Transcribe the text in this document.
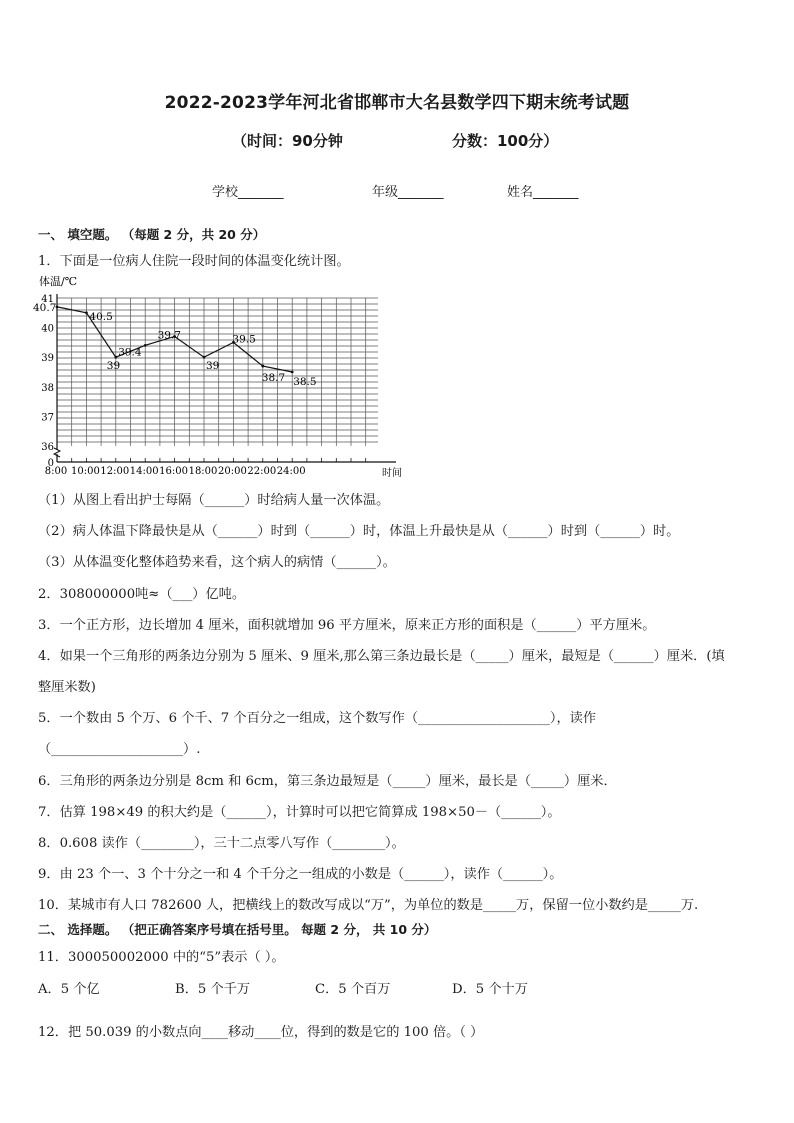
2022-2023学年河北省邯郸市大名县数学四下期末统考试题
（时间：90分钟	分数：100分）
学校_______	年级_______	姓名_______
一、 填空题。 （每题 2 分，共 20 分）
1．下面是一位病人住院一段时间的体温变化统计图。
体温/℃
时间
41
40
39
38
37
36
0
8:00 10:00 12:00 14:00 16:00 18:00 20:00 22:00 24:00
40.7
40.5
39
39.4
39.7
39
39.5
38.7 38.5
（1）从图上看出护士每隔（______）时给病人量一次体温。
（2）病人体温下降最快是从（______）时到（______）时，体温上升最快是从（______）时到（______）时。
（3）从体温变化整体趋势来看，这个病人的病情（______）。
2．308000000吨≈（___）亿吨。
3．一个正方形，边长增加 4 厘米，面积就增加 96 平方厘米，原来正方形的面积是（______）平方厘米。
4．如果一个三角形的两条边分别为 5 厘米、9 厘米,那么第三条边最长是（_____）厘米，最短是（______）厘米．(填
整厘米数)
5．一个数由 5 个万、6 个千、7 个百分之一组成，这个数写作（____________________），读作
（____________________）.
6．三角形的两条边分别是 8cm 和 6cm，第三条边最短是（_____）厘米，最长是（_____）厘米．
7．估算 198×49 的积大约是（______），计算时可以把它简算成 198×50－（______）。
8．0.608 读作（________），三十二点零八写作（________）。
9．由 23 个一、3 个十分之一和 4 个千分之一组成的小数是（______），读作（______）。
10．某城市有人口 782600 人，把横线上的数改写成以“万”，为单位的数是_____万，保留一位小数约是_____万.
二、 选择题。 （把正确答案序号填在括号里。 每题 2 分， 共 10 分）
11．300050002000 中的“5”表示（ ）。
A．5 个亿	B．5 个千万	C．5 个百万	D．5 个十万
12．把 50.039 的小数点向____移动____位，得到的数是它的 100 倍。（ ）
